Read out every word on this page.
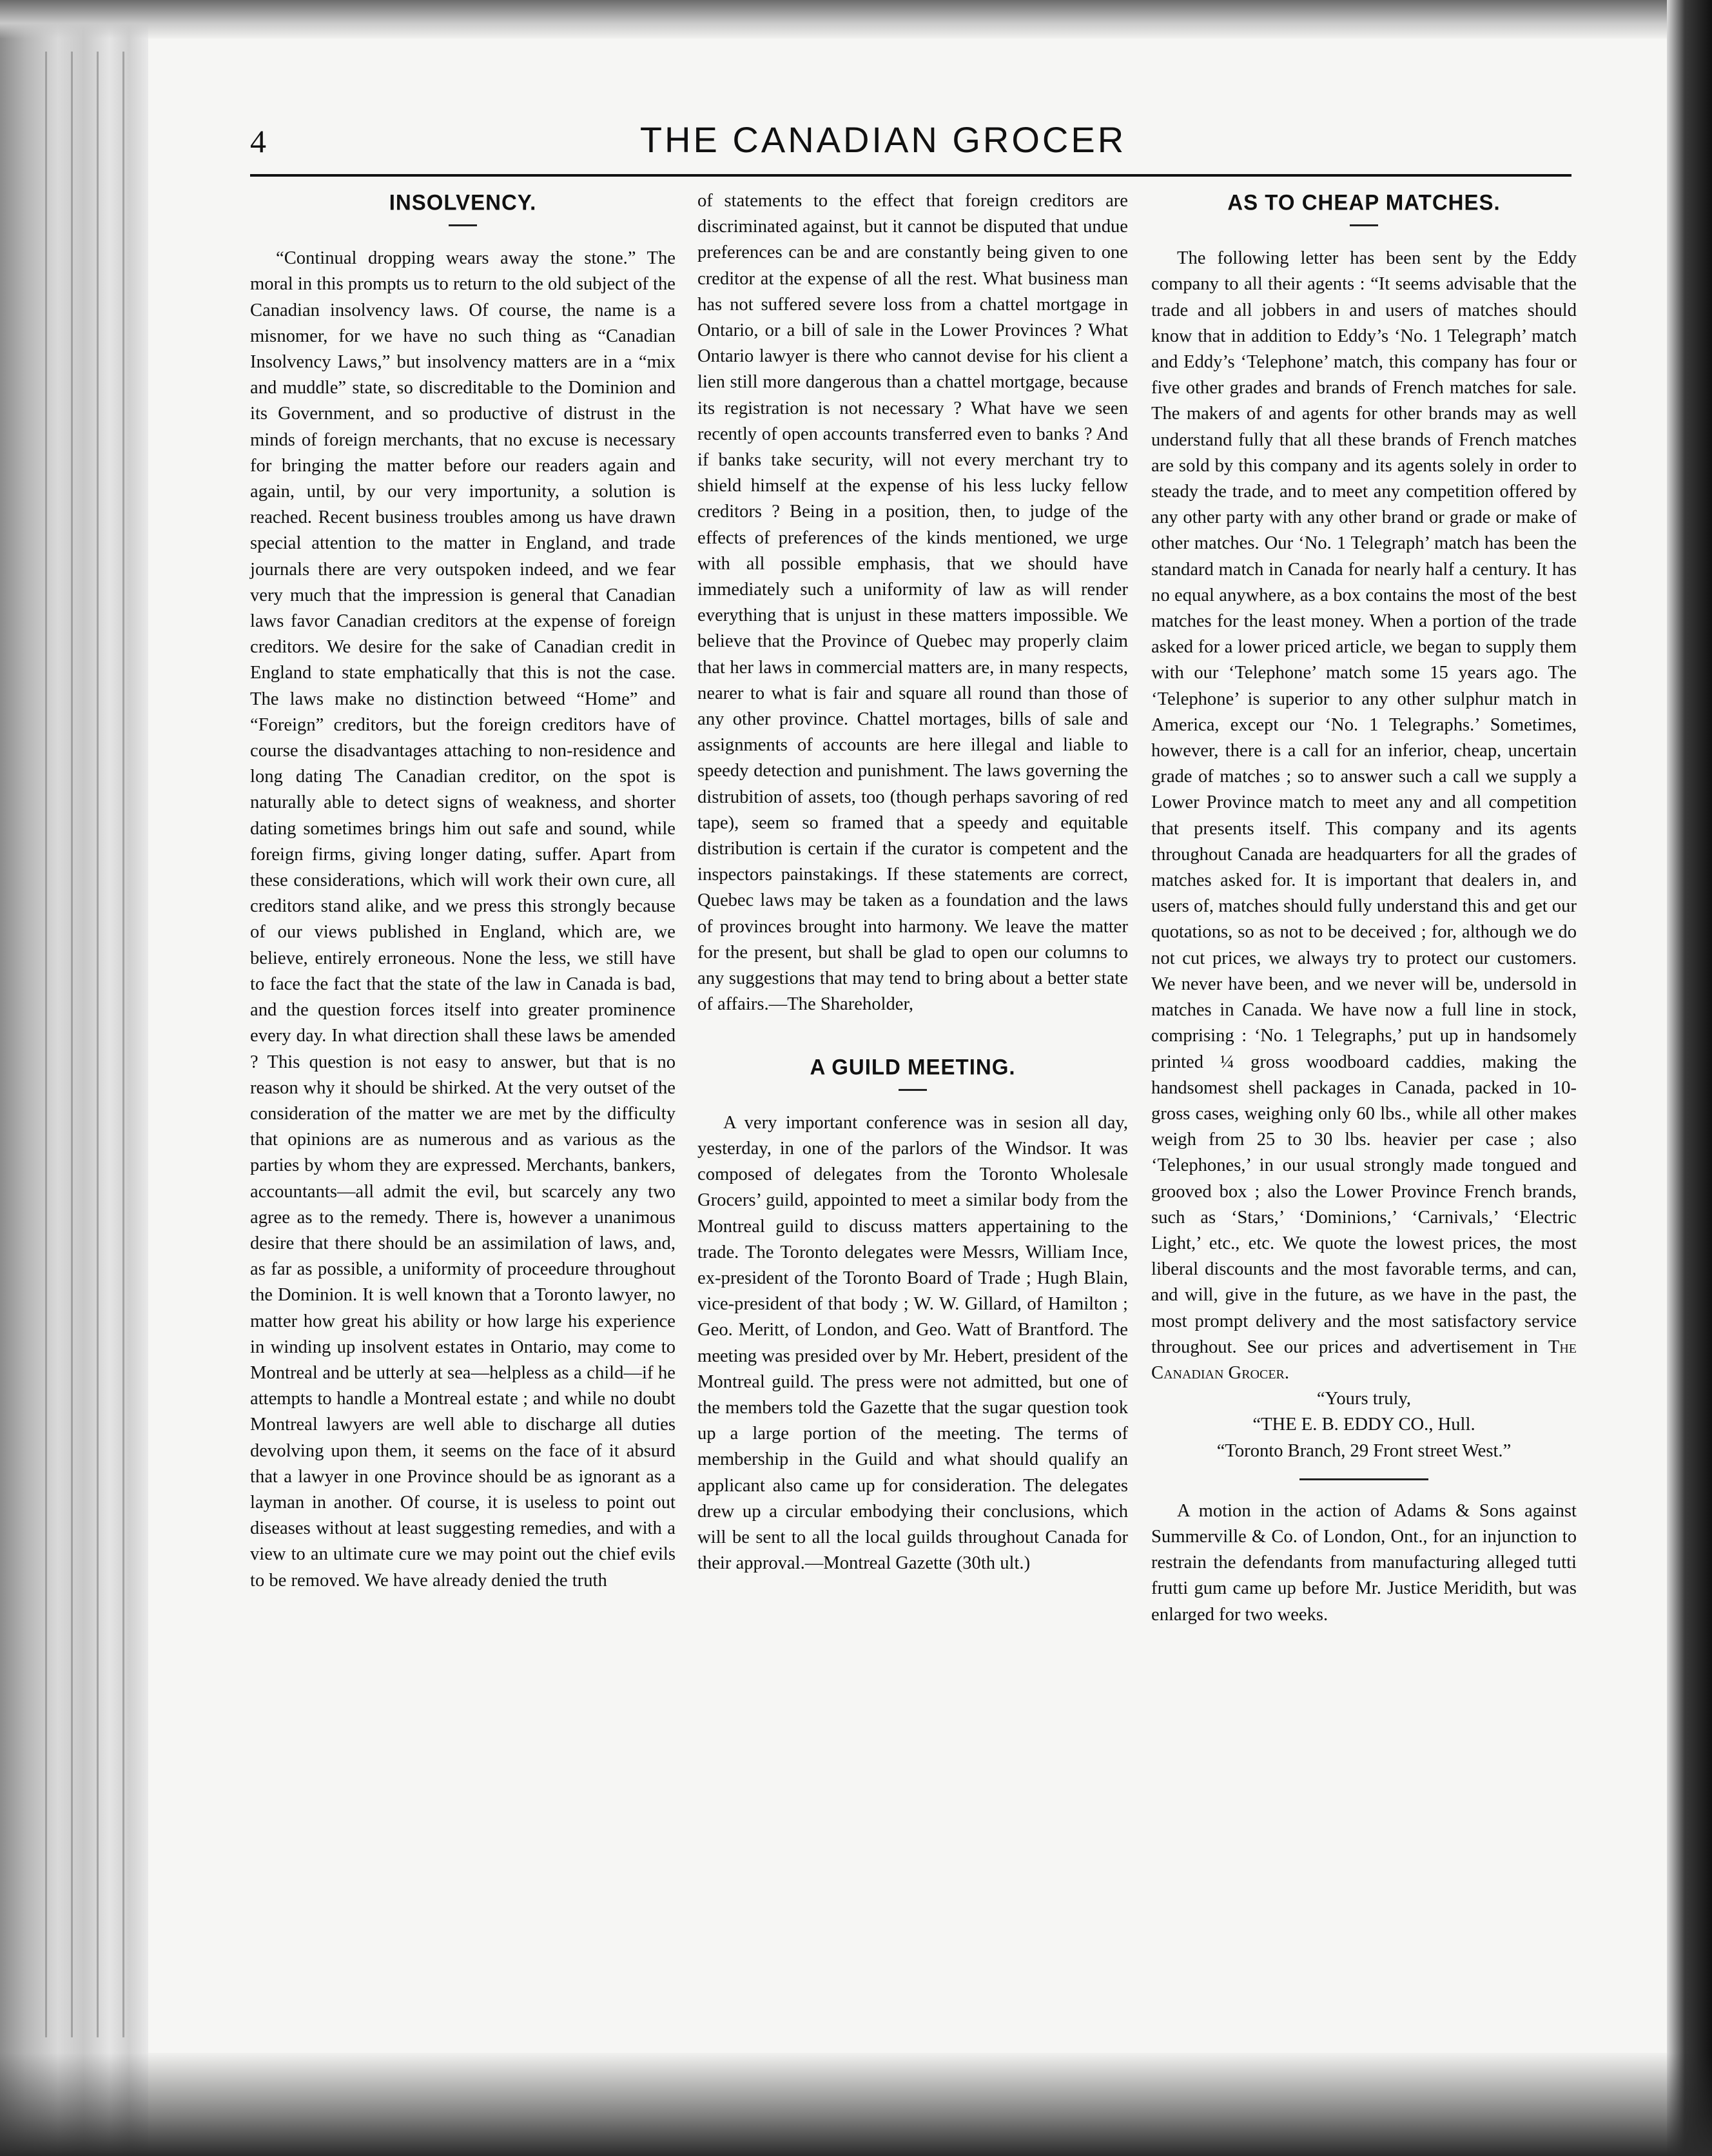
4	THE CANADIAN GROCER
INSOLVENCY.

“Continual dropping wears away the stone.” The moral in this prompts us to return to the old subject of the Canadian insolvency laws. Of course, the name is a misnomer, for we have no such thing as “Canadian Insolvency Laws,” but insolvency matters are in a “mix and muddle” state, so discreditable to the Dominion and its Government, and so productive of distrust in the minds of foreign merchants, that no excuse is necessary for bringing the matter before our readers again and again, until, by our very importunity, a solution is reached. Recent business troubles among us have drawn special attention to the matter in England, and trade journals there are very outspoken indeed, and we fear very much that the impression is general that Canadian laws favor Canadian creditors at the expense of foreign creditors. We desire for the sake of Canadian credit in England to state emphatically that this is not the case. The laws make no distinction betweed “Home” and “Foreign” creditors, but the foreign creditors have of course the disadvantages attaching to non-residence and long dating The Canadian creditor, on the spot is naturally able to detect signs of weakness, and shorter dating sometimes brings him out safe and sound, while foreign firms, giving longer dating, suffer. Apart from these considerations, which will work their own cure, all creditors stand alike, and we press this strongly because of our views published in England, which are, we believe, entirely erroneous. None the less, we still have to face the fact that the state of the law in Canada is bad, and the question forces itself into greater prominence every day. In what direction shall these laws be amended ? This question is not easy to answer, but that is no reason why it should be shirked. At the very outset of the consideration of the matter we are met by the difficulty that opinions are as numerous and as various as the parties by whom they are expressed. Merchants, bankers, accountants—all admit the evil, but scarcely any two agree as to the remedy. There is, however a unanimous desire that there should be an assimilation of laws, and, as far as possible, a uniformity of proceedure throughout the Dominion. It is well known that a Toronto lawyer, no matter how great his ability or how large his experience in winding up insolvent estates in Ontario, may come to Montreal and be utterly at sea—helpless as a child—if he attempts to handle a Montreal estate ; and while no doubt Montreal lawyers are well able to discharge all duties devolving upon them, it seems on the face of it absurd that a lawyer in one Province should be as ignorant as a layman in another. Of course, it is useless to point out diseases without at least suggesting remedies, and with a view to an ultimate cure we may point out the chief evils to be removed. We have already denied the truth

of statements to the effect that foreign creditors are discriminated against, but it cannot be disputed that undue preferences can be and are constantly being given to one creditor at the expense of all the rest. What business man has not suffered severe loss from a chattel mortgage in Ontario, or a bill of sale in the Lower Provinces ? What Ontario lawyer is there who cannot devise for his client a lien still more dangerous than a chattel mortgage, because its registration is not necessary ? What have we seen recently of open accounts transferred even to banks ? And if banks take security, will not every merchant try to shield himself at the expense of his less lucky fellow creditors ? Being in a position, then, to judge of the effects of preferences of the kinds mentioned, we urge with all possible emphasis, that we should have immediately such a uniformity of law as will render everything that is unjust in these matters impossible. We believe that the Province of Quebec may properly claim that her laws in commercial matters are, in many respects, nearer to what is fair and square all round than those of any other province. Chattel mortages, bills of sale and assignments of accounts are here illegal and liable to speedy detection and punishment. The laws governing the distrubition of assets, too (though perhaps savoring of red tape), seem so framed that a speedy and equitable distribution is certain if the curator is competent and the inspectors painstakings. If these statements are correct, Quebec laws may be taken as a foundation and the laws of provinces brought into harmony. We leave the matter for the present, but shall be glad to open our columns to any suggestions that may tend to bring about a better state of affairs.—The Shareholder,

A GUILD MEETING.

A very important conference was in sesion all day, yesterday, in one of the parlors of the Windsor. It was composed of delegates from the Toronto Wholesale Grocers’ guild, appointed to meet a similar body from the Montreal guild to discuss matters appertaining to the trade. The Toronto delegates were Messrs, William Ince, ex-president of the Toronto Board of Trade ; Hugh Blain, vice-president of that body ; W. W. Gillard, of Hamilton ; Geo. Meritt, of London, and Geo. Watt of Brantford. The meeting was presided over by Mr. Hebert, president of the Montreal guild. The press were not admitted, but one of the members told the Gazette that the sugar question took up a large portion of the meeting. The terms of membership in the Guild and what should qualify an applicant also came up for consideration. The delegates drew up a circular embodying their conclusions, which will be sent to all the local guilds throughout Canada for their approval.—Montreal Gazette (30th ult.)

AS TO CHEAP MATCHES.

The following letter has been sent by the Eddy company to all their agents : “It seems advisable that the trade and all jobbers in and users of matches should know that in addition to Eddy’s ‘No. 1 Telegraph’ match and Eddy’s ‘Telephone’ match, this company has four or five other grades and brands of French matches for sale. The makers of and agents for other brands may as well understand fully that all these brands of French matches are sold by this company and its agents solely in order to steady the trade, and to meet any competition offered by any other party with any other brand or grade or make of other matches. Our ‘No. 1 Telegraph’ match has been the standard match in Canada for nearly half a century. It has no equal anywhere, as a box contains the most of the best matches for the least money. When a portion of the trade asked for a lower priced article, we began to supply them with our ‘Telephone’ match some 15 years ago. The ‘Telephone’ is superior to any other sulphur match in America, except our ‘No. 1 Telegraphs.’ Sometimes, however, there is a call for an inferior, cheap, uncertain grade of matches ; so to answer such a call we supply a Lower Province match to meet any and all competition that presents itself. This company and its agents throughout Canada are headquarters for all the grades of matches asked for. It is important that dealers in, and users of, matches should fully understand this and get our quotations, so as not to be deceived ; for, although we do not cut prices, we always try to protect our customers. We never have been, and we never will be, undersold in matches in Canada. We have now a full line in stock, comprising : ‘No. 1 Telegraphs,’ put up in handsomely printed ¼ gross woodboard caddies, making the handsomest shell packages in Canada, packed in 10-gross cases, weighing only 60 lbs., while all other makes weigh from 25 to 30 lbs. heavier per case ; also ‘Telephones,’ in our usual strongly made tongued and grooved box ; also the Lower Province French brands, such as ‘Stars,’ ‘Dominions,’ ‘Carnivals,’ ‘Electric Light,’ etc., etc. We quote the lowest prices, the most liberal discounts and the most favorable terms, and can, and will, give in the future, as we have in the past, the most prompt delivery and the most satisfactory service throughout. See our prices and advertisement in The Canadian Grocer.

“Yours truly,

“THE E. B. EDDY CO., Hull.

“Toronto Branch, 29 Front street West.”

A motion in the action of Adams & Sons against Summerville & Co. of London, Ont., for an injunction to restrain the defendants from manufacturing alleged tutti frutti gum came up before Mr. Justice Meridith, but was enlarged for two weeks.
